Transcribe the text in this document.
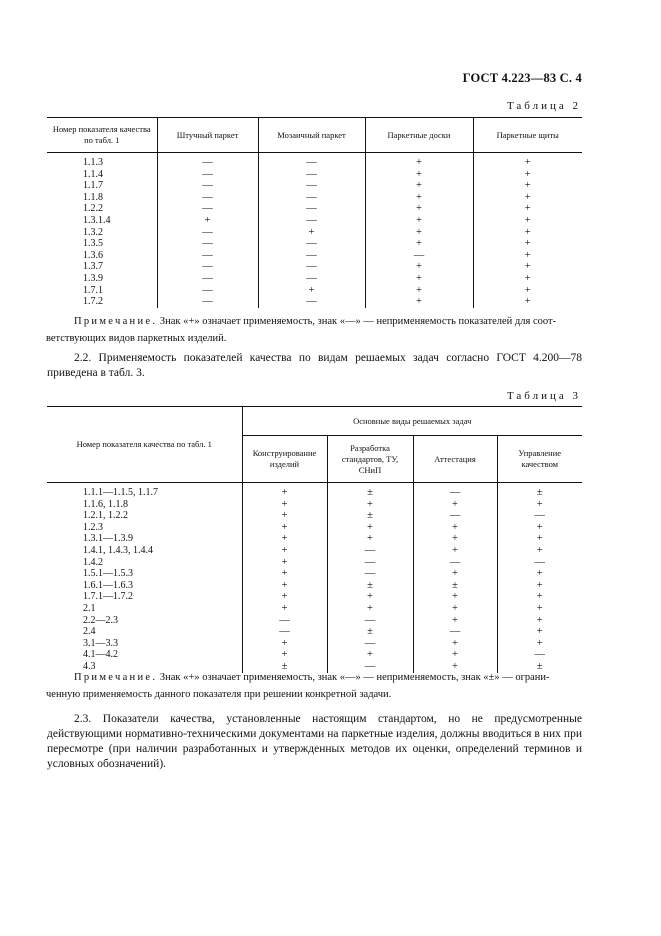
ГОСТ 4.223—83 С. 4
Таблица 2
Номер показателя качества по табл. 1	Штучный паркет	Мозаичный паркет	Паркетные доски	Паркетные щиты
1.1.3	—	—	+	+
1.1.4	—	—	+	+
1.1.7	—	—	+	+
1.1.8	—	—	+	+
1.2.2	—	—	+	+
1.3.1.4	+	—	+	+
1.3.2	—	+	+	+
1.3.5	—	—	+	+
1.3.6	—	—	—	+
1.3.7	—	—	+	+
1.3.9	—	—	+	+
1.7.1	—	+	+	+
1.7.2	—	—	+	+
Примечание. Знак «+» означает применяемость, знак «—» — неприменяемость показателей для соот-
ветствующих видов паркетных изделий.
2.2. Применяемость показателей качества по видам решаемых задач согласно ГОСТ 4.200—78 приведена в табл. 3.
Таблица 3
Номер показателя качества по табл. 1	Основные виды решаемых задач			
	Конструирование изделий	Разработка стандартов, ТУ, СНиП	Аттестация	Управление качеством
1.1.1—1.1.5, 1.1.7	+	±	—	±
1.1.6, 1.1.8	+	+	+	+
1.2.1, 1.2.2	+	±	—	—
1.2.3	+	+	+	+
1.3.1—1.3.9	+	+	+	+
1.4.1, 1.4.3, 1.4.4	+	—	+	+
1.4.2	+	—	—	—
1.5.1—1.5.3	+	—	+	+
1.6.1—1.6.3	+	±	±	+
1.7.1—1.7.2	+	+	+	+
2.1	+	+	+	+
2.2—2.3	—	—	+	+
2.4	—	±	—	+
3.1—3.3	+	—	+	+
4.1—4.2	+	+	+	—
4.3	±	—	+	±
Примечание. Знак «+» означает применяемость, знак «—» — неприменяемость, знак «±» — ограни-
ченную применяемость данного показателя при решении конкретной задачи.
2.3. Показатели качества, установленные настоящим стандартом, но не предусмотренные действующими нормативно-техническими документами на паркетные изделия, должны вводиться в них при пересмотре (при наличии разработанных и утвержденных методов их оценки, определений терминов и условных обозначений).
